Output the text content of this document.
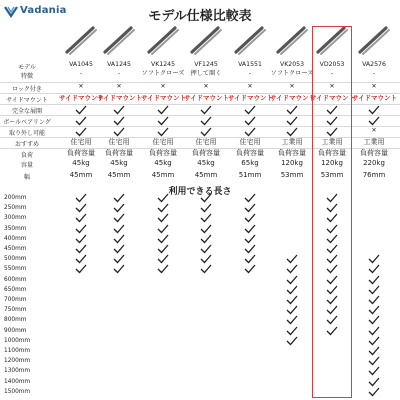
Vadania	モデル仕様比較表
モデル
特徴
ロック付き
サイドマウント
完全な展開
ボールベアリング
取り外し可能
おすすめ
負荷
容量
幅
VA1045
-
✕
サイドマウント
住宅用
負荷容量
45kg
45mm
VA1245
-
✕
サイドマウント
住宅用
負荷容量
45kg
45mm
VK1245
ソフトクローズ
✕
サイドマウント
住宅用
負荷容量
45kg
45mm
VF1245
押して開く
✕
サイドマウント
住宅用
負荷容量
45kg
45mm
VA1551
-
✕
サイドマウント
住宅用
負荷容量
65kg
51mm
VK2053
ソフトクローズ
✕
サイドマウント
工業用
負荷容量
120kg
53mm
VD2053
-
✕
サイドマウント
工業用
負荷容量
120kg
53mm
VA2576
-
✕
サイドマウント
✕
工業用
負荷容量
220kg
76mm
利用できる長さ
200mm
250mm
300mm
350mm
400mm
450mm
500mm
550mm
600mm
650mm
700mm
750mm
800mm
900mm
1000mm
1100mm
1200mm
1300mm
1400mm
1500mm
